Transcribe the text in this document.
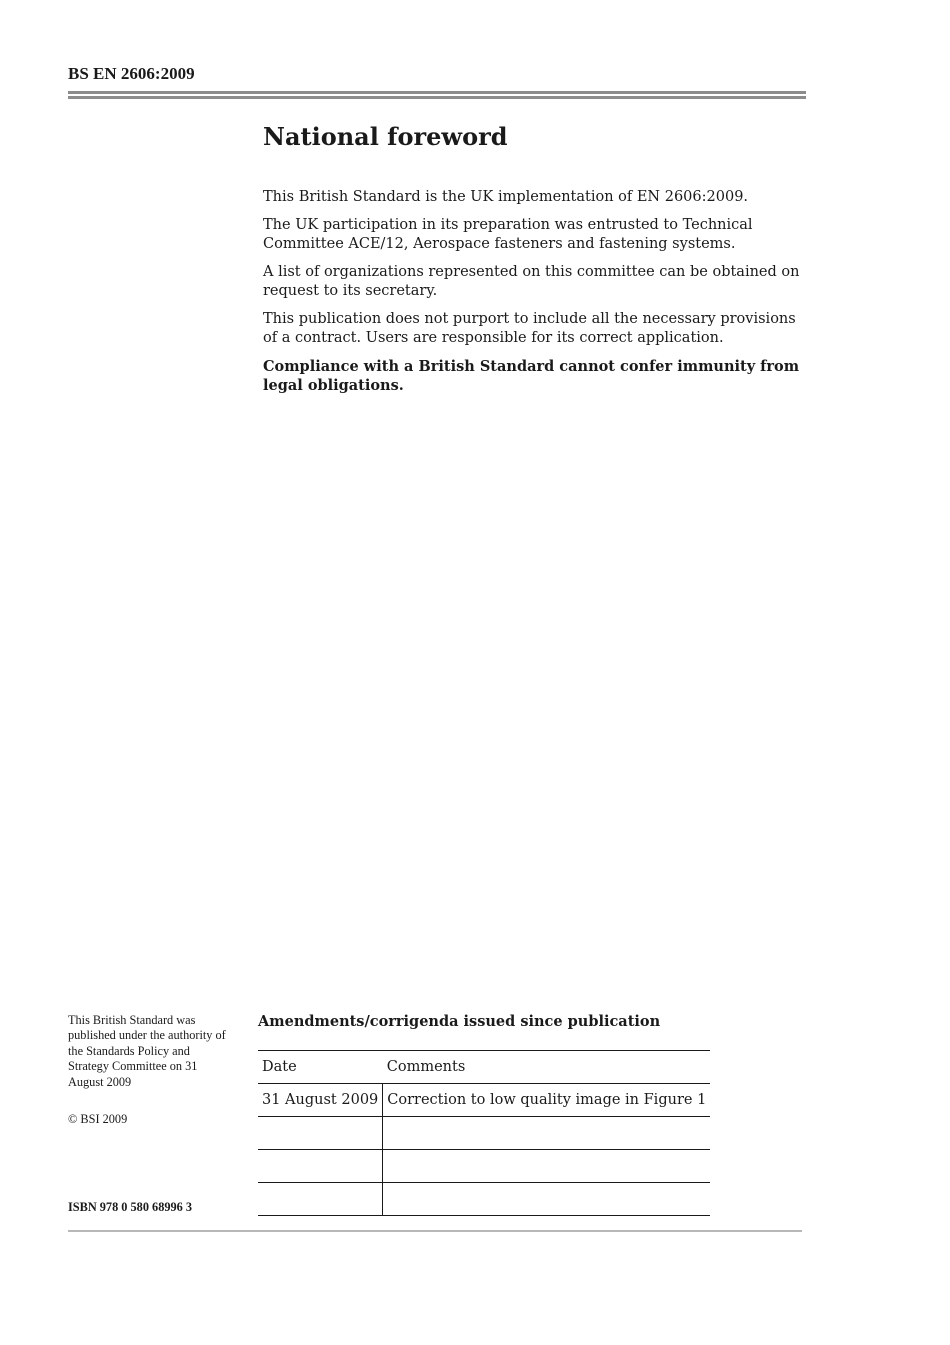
BS EN 2606:2009
National foreword

This British Standard is the UK implementation of EN 2606:2009.

The UK participation in its preparation was entrusted to Technical Committee ACE/12, Aerospace fasteners and fastening systems.

A list of organizations represented on this committee can be obtained on request to its secretary.

This publication does not purport to include all the necessary provisions of a contract. Users are responsible for its correct application.

Compliance with a British Standard cannot confer immunity from legal obligations.

This British Standard was published under the authority of the Standards Policy and Strategy Committee on 31 August 2009
© BSI 2009
ISBN 978 0 580 68996 3
Amendments/corrigenda issued since publication
Date	Comments
31 August 2009	Correction to low quality image in Figure 1
